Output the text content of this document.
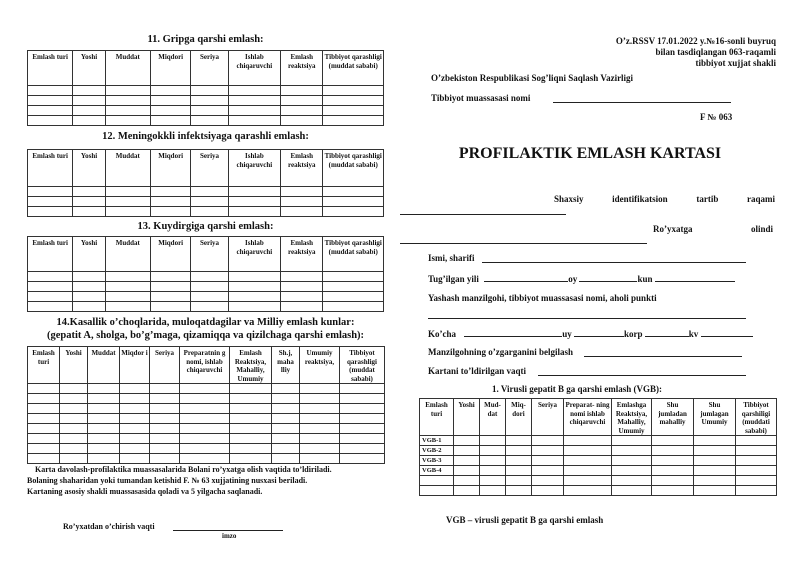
11. Gripga qarshi emlash:
Emlash turi	Yoshi	Muddat	Miqdori	Seriya	Ishlab chiqaruvchi	Emlash reaktsiya	Tibbiyot qarashligi (muddat sababi)

12. Meningokkli infektsiyaga qarashli emlash:
Emlash turi	Yoshi	Muddat	Miqdori	Seriya	Ishlab chiqaruvchi	Emlash reaktsiya	Tibbiyot qarashligi (muddat sababi)

13. Kuydirgiga qarshi emlash:
Emlash turi	Yoshi	Muddat	Miqdori	Seriya	Ishlab chiqaruvchi	Emlash reaktsiya	Tibbiyot qarashligi (muddat sababi)

14.Kasallik o’choqlarida, muloqatdagilar va Milliy emlash kunlar:
(gepatit A, sholga, bo’g’maga, qizamiqqa va qizilchaga qarshi emlash):
Emlash turi	Yoshi	Muddat	Miqdor i	Seriya	Preparatnin g nomi, ishlab chiqaruvchi	Emlash Reaktsiya, Mahalliy, Umumiy	Sh.j, maha lliy	Umumiy reaktsiya,	Tibbiyot qarashligi (muddat sababi)

Karta davolash-profilaktika muassasalarida Bolani ro’yxatga olish vaqtida to’ldiriladi.
Bolaning shaharidan yoki tumandan ketishid F. № 63 xujjatining nusxasi beriladi.
Kartaning asosiy shakli muassasasida qoladi va 5 yilgacha saqlanadi.
Ro’yxatdan o’chirish vaqti
imzo
O’z.RSSV 17.01.2022 y.№16-sonli buyruq
bilan tasdiqlangan 063-raqamli
tibbiyot xujjat shakli
O’zbekiston Respublikasi Sog’liqni Saqlash Vazirligi
Tibbiyot muassasasi nomi
F № 063
PROFILAKTIK EMLASH KARTASI
Shaxsiy	identifikatsion	tartib	raqami
Ro’yxatga	olindi
Ismi, sharifi
Tug’ilgan yili	oy	kun
Yashash manzilgohi, tibbiyot muassasasi nomi, aholi punkti
Ko’cha	uy	korp	kv
Manzilgohning o’zgarganini belgilash
Kartani to’ldirilgan vaqti
1. Virusli gepatit B ga qarshi emlash (VGB):
Emlash turi	Yoshi	Mud- dat	Miq- dori	Seriya	Preparat- ning nomi ishlab chiqaruvchi	Emlashga Reaktsiya, Mahalliy, Umumiy	Shu jumladan mahalliy	Shu jumlagan Umumiy	Tibbiyot qarshiligi (muddati sababi)
VGB-1									
VGB-2									
VGB-3									
VGB-4									

VGB – virusli gepatit B ga qarshi emlash
